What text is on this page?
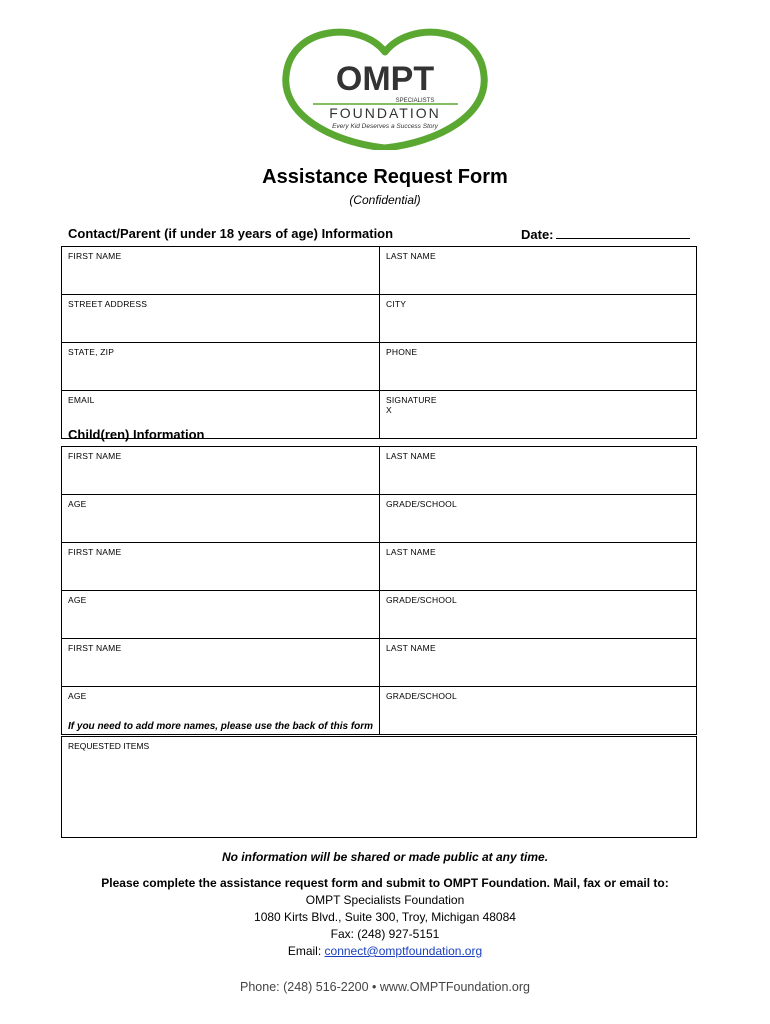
OMPT
SPECIALISTS
FOUNDATION
Every Kid Deserves a Success Story
Assistance Request Form
(Confidential)
Contact/Parent (if under 18 years of age) Information	Date:
FIRST NAME	LAST NAME
STREET ADDRESS	CITY
STATE, ZIP	PHONE
EMAIL	SIGNATURE
X
Child(ren) Information
FIRST NAME	LAST NAME
AGE	GRADE/SCHOOL
FIRST NAME	LAST NAME
AGE	GRADE/SCHOOL
FIRST NAME	LAST NAME
AGE	GRADE/SCHOOL
If you need to add more names, please use the back of this form
REQUESTED ITEMS
No information will be shared or made public at any time.
Please complete the assistance request form and submit to OMPT Foundation. Mail, fax or email to:
OMPT Specialists Foundation
1080 Kirts Blvd., Suite 300, Troy, Michigan 48084
Fax: (248) 927-5151
Email: connect@omptfoundation.org
Phone: (248) 516-2200 • www.OMPTFoundation.org
